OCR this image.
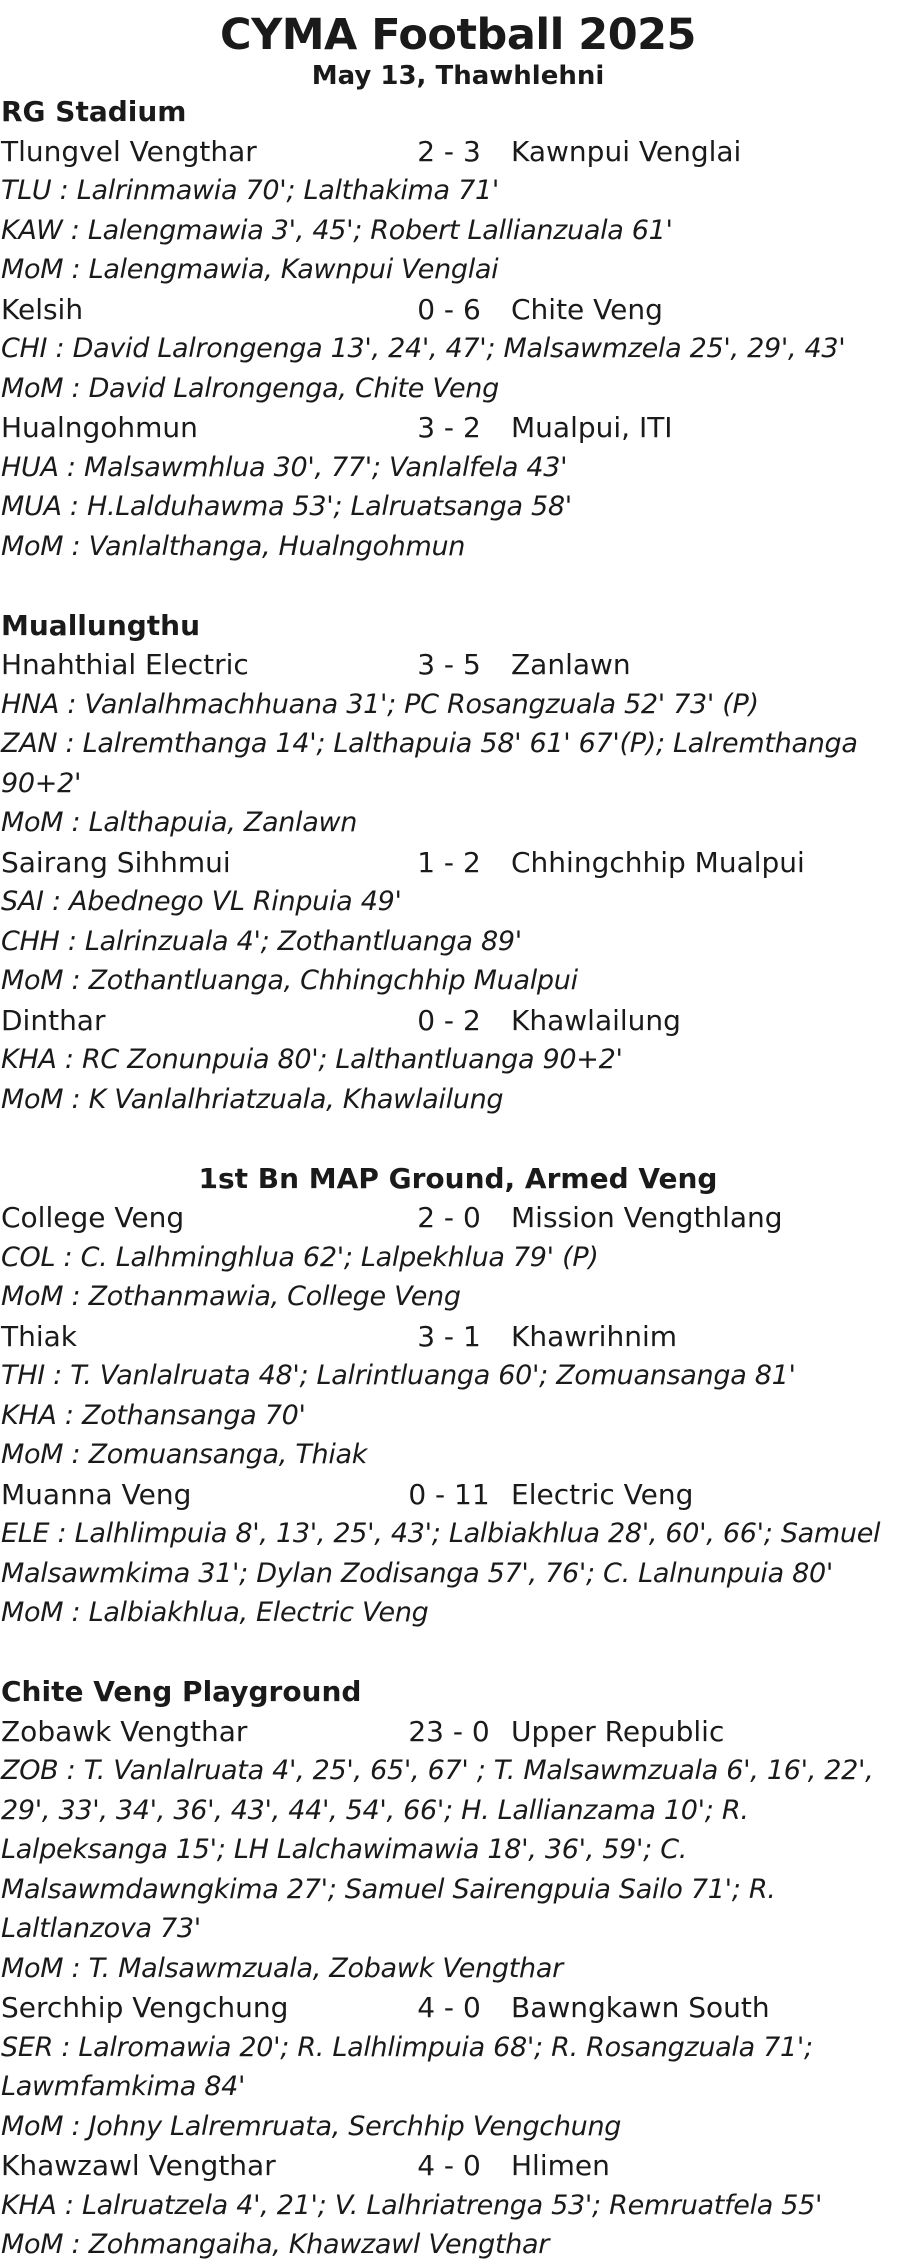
CYMA Football 2025
May 13, Thawhlehni
RG Stadium
Tlungvel Vengthar	2 - 3	Kawnpui Venglai
TLU : Lalrinmawia 70'; Lalthakima 71'
KAW : Lalengmawia 3', 45'; Robert Lallianzuala 61'
MoM : Lalengmawia, Kawnpui Venglai
Kelsih	0 - 6	Chite Veng
CHI : David Lalrongenga 13', 24', 47'; Malsawmzela 25', 29', 43'
MoM : David Lalrongenga, Chite Veng
Hualngohmun	3 - 2	Mualpui, ITI
HUA : Malsawmhlua 30', 77'; Vanlalfela 43'
MUA : H.Lalduhawma 53'; Lalruatsanga 58'
MoM : Vanlalthanga, Hualngohmun
Muallungthu
Hnahthial Electric	3 - 5	Zanlawn
HNA : Vanlalhmachhuana 31'; PC Rosangzuala 52' 73' (P)
ZAN : Lalremthanga 14'; Lalthapuia 58' 61' 67'(P); Lalremthanga 90+2'
MoM : Lalthapuia, Zanlawn
Sairang Sihhmui	1 - 2	Chhingchhip Mualpui
SAI : Abednego VL Rinpuia 49'
CHH : Lalrinzuala 4'; Zothantluanga 89'
MoM : Zothantluanga, Chhingchhip Mualpui
Dinthar	0 - 2	Khawlailung
KHA : RC Zonunpuia 80'; Lalthantluanga 90+2'
MoM : K Vanlalhriatzuala, Khawlailung
1st Bn MAP Ground, Armed Veng
College Veng	2 - 0	Mission Vengthlang
COL : C. Lalhminghlua 62'; Lalpekhlua 79' (P)
MoM : Zothanmawia, College Veng
Thiak	3 - 1	Khawrihnim
THI : T. Vanlalruata 48'; Lalrintluanga 60'; Zomuansanga 81'
KHA : Zothansanga 70'
MoM : Zomuansanga, Thiak
Muanna Veng	0 - 11 Electric Veng
ELE : Lalhlimpuia 8', 13', 25', 43'; Lalbiakhlua 28', 60', 66'; Samuel Malsawmkima 31'; Dylan Zodisanga 57', 76'; C. Lalnunpuia 80'
MoM : Lalbiakhlua, Electric Veng
Chite Veng Playground
Zobawk Vengthar	23 - 0 Upper Republic
ZOB : T. Vanlalruata 4', 25', 65', 67' ; T. Malsawmzuala 6', 16', 22', 29', 33', 34', 36', 43', 44', 54', 66'; H. Lallianzama 10'; R. Lalpeksanga 15'; LH Lalchawimawia 18', 36', 59'; C. Malsawmdawngkima 27'; Samuel Sairengpuia Sailo 71'; R. Laltlanzova 73'
MoM : T. Malsawmzuala, Zobawk Vengthar
Serchhip Vengchung	4 - 0	Bawngkawn South
SER : Lalromawia 20'; R. Lalhlimpuia 68'; R. Rosangzuala 71'; Lawmfamkima 84'
MoM : Johny Lalremruata, Serchhip Vengchung
Khawzawl Vengthar	4 - 0	Hlimen
KHA : Lalruatzela 4', 21'; V. Lalhriatrenga 53'; Remruatfela 55'
MoM : Zohmangaiha, Khawzawl Vengthar
